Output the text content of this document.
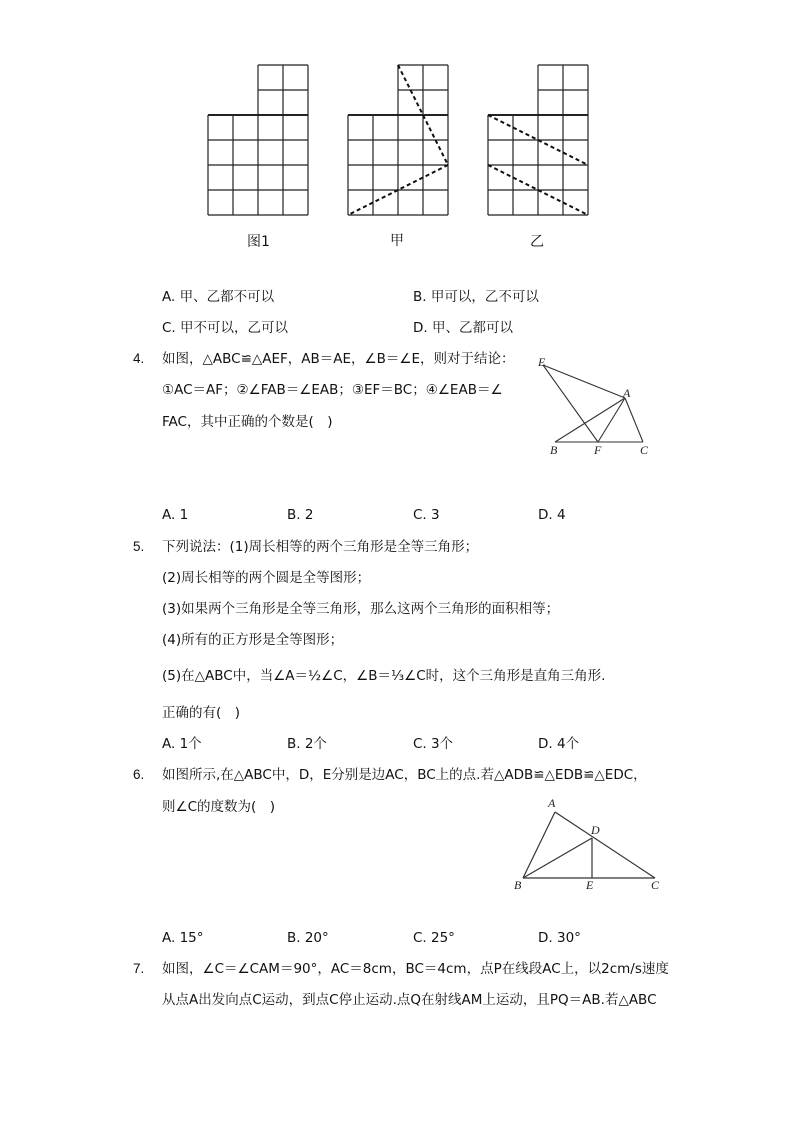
图1	甲	乙
A. 甲、乙都不可以	B. 甲可以，乙不可以
C. 甲不可以，乙可以	D. 甲、乙都可以
4. 如图，△ABC≌△AEF，AB＝AE，∠B＝∠E，则对于结论：
①AC＝AF；②∠FAB＝∠EAB；③EF＝BC；④∠EAB＝∠
FAC，其中正确的个数是(　)
E
A
B	F	C
A. 1	B. 2	C. 3	D. 4
5. 下列说法：(1)周长相等的两个三角形是全等三角形；
(2)周长相等的两个圆是全等图形；
(3)如果两个三角形是全等三角形，那么这两个三角形的面积相等；
(4)所有的正方形是全等图形；
(5)在△ABC中，当∠A＝½∠C，∠B＝⅓∠C时，这个三角形是直角三角形.
正确的有(　)
A. 1个	B. 2个	C. 3个	D. 4个
6. 如图所示,在△ABC中，D，E分别是边AC，BC上的点.若△ADB≌△EDB≌△EDC，
则∠C的度数为(　)	A
D
B	E	C
A. 15°	B. 20°	C. 25°	D. 30°
7. 如图，∠C＝∠CAM＝90°，AC＝8cm，BC＝4cm，点P在线段AC上，以2cm/s速度
从点A出发向点C运动，到点C停止运动.点Q在射线AM上运动，且PQ＝AB.若△ABC
